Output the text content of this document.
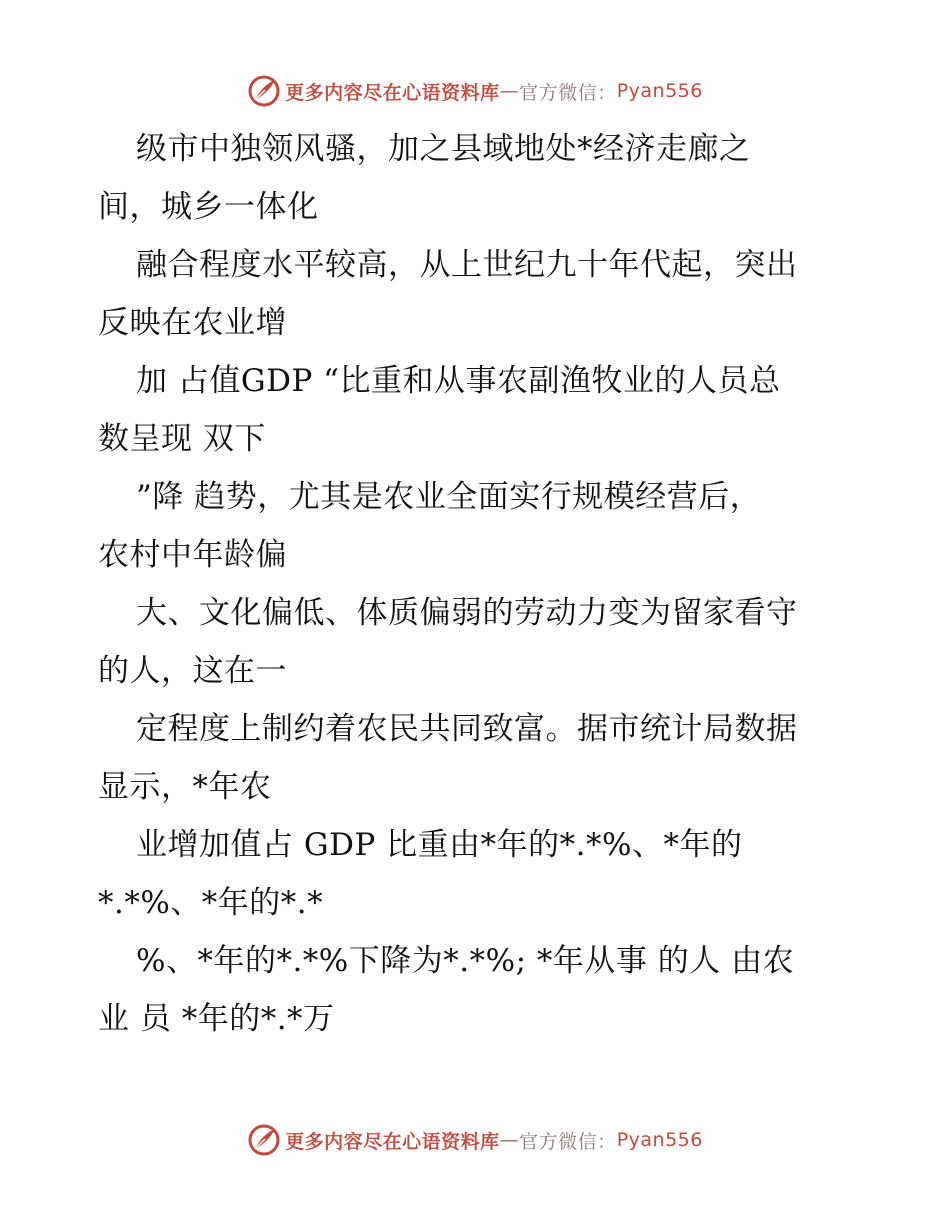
更多内容尽在心语资料库 — 官方微信： Pyan556
级市中独领风骚，加之县域地处*经济走廊之
间，城乡一体化
融合程度水平较高，从上世纪九十年代起，突出
反映在农业增
加 占值GDP “比重和从事农副渔牧业的人员总
数呈现 双下
”降 趋势，尤其是农业全面实行规模经营后，
农村中年龄偏
大、文化偏低、体质偏弱的劳动力变为留家看守
的人，这在一
定程度上制约着农民共同致富。据市统计局数据
显示，*年农
业增加值占 GDP 比重由*年的*.*%、*年的
*.*%、*年的*.*
%、*年的*.*%下降为*.*%; *年从事 的人 由农
业 员 *年的*.*万
更多内容尽在心语资料库 — 官方微信： Pyan556
